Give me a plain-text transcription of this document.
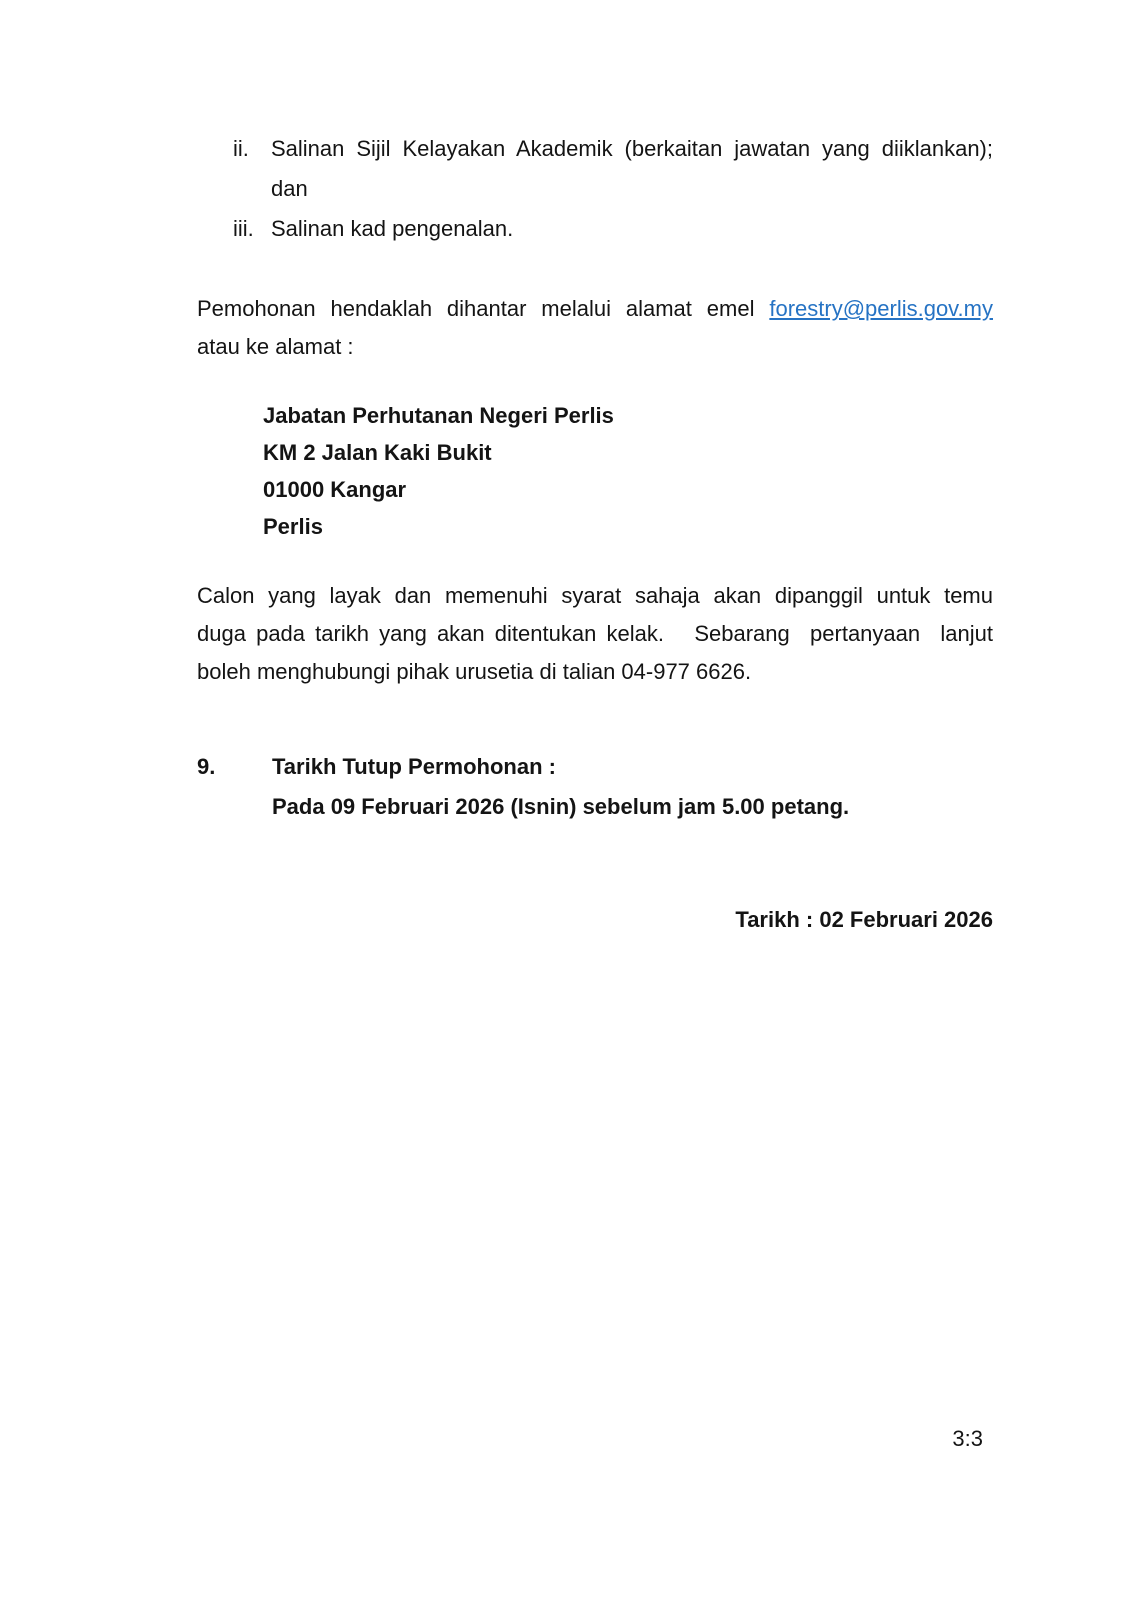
ii.	Salinan Sijil Kelayakan Akademik (berkaitan jawatan yang diiklankan);
dan
iii. Salinan kad pengenalan.
Pemohonan hendaklah dihantar melalui alamat emel forestry@perlis.gov.my
atau ke alamat :
Jabatan Perhutanan Negeri Perlis
KM 2 Jalan Kaki Bukit
01000 Kangar
Perlis
Calon yang layak dan memenuhi syarat sahaja akan dipanggil untuk temu
duga pada tarikh yang akan ditentukan kelak.   Sebarang  pertanyaan  lanjut
boleh menghubungi pihak urusetia di talian 04-977 6626.
9.	Tarikh Tutup Permohonan :
Pada 09 Februari 2026 (Isnin) sebelum jam 5.00 petang.
Tarikh : 02 Februari 2026
3:3
